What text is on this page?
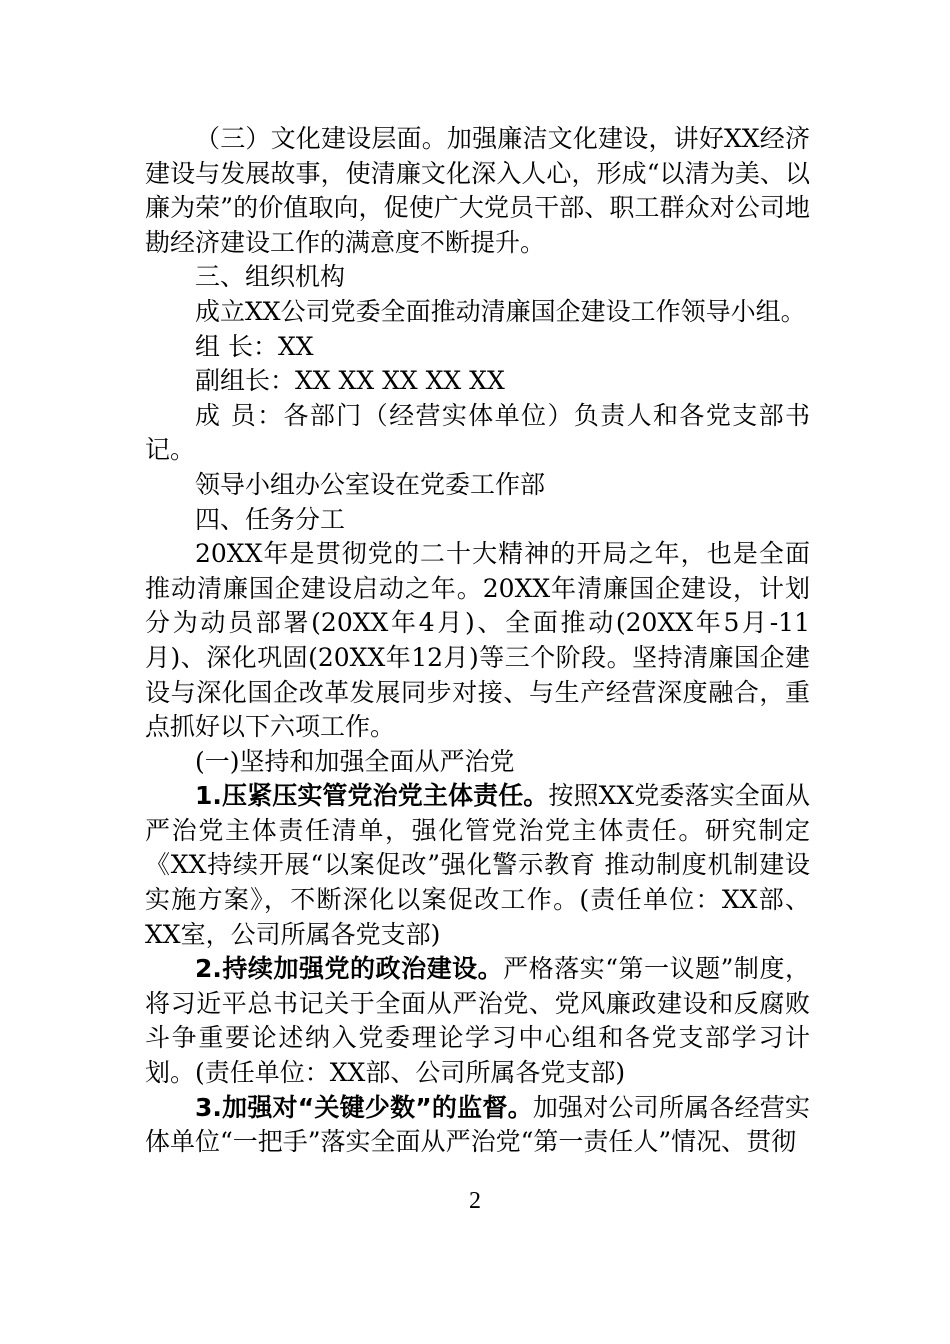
（三）文化建设层面。加强廉洁文化建设，讲好XX经济建设与发展故事，使清廉文化深入人心，形成“以清为美、以廉为荣”的价值取向，促使广大党员干部、职工群众对公司地勘经济建设工作的满意度不断提升。

三、组织机构

成立XX公司党委全面推动清廉国企建设工作领导小组。

组 长：XX

副组长：XX XX XX XX XX

成 员：各部门（经营实体单位）负责人和各党支部书记。

领导小组办公室设在党委工作部

四、任务分工

20XX年是贯彻党的二十大精神的开局之年，也是全面推动清廉国企建设启动之年。20XX年清廉国企建设，计划分为动员部署(20XX年4月)、全面推动(20XX年5月-11月)、深化巩固(20XX年12月)等三个阶段。坚持清廉国企建设与深化国企改革发展同步对接、与生产经营深度融合，重点抓好以下六项工作。

(一)坚持和加强全面从严治党

1.压紧压实管党治党主体责任。按照XX党委落实全面从严治党主体责任清单，强化管党治党主体责任。研究制定《XX持续开展“以案促改”强化警示教育 推动制度机制建设实施方案》，不断深化以案促改工作。(责任单位：XX部、XX室，公司所属各党支部)

2.持续加强党的政治建设。严格落实“第一议题”制度，将习近平总书记关于全面从严治党、党风廉政建设和反腐败斗争重要论述纳入党委理论学习中心组和各党支部学习计划。(责任单位：XX部、公司所属各党支部)

3.加强对“关键少数”的监督。加强对公司所属各经营实体单位“一把手”落实全面从严治党“第一责任人”情况、贯彻

2
